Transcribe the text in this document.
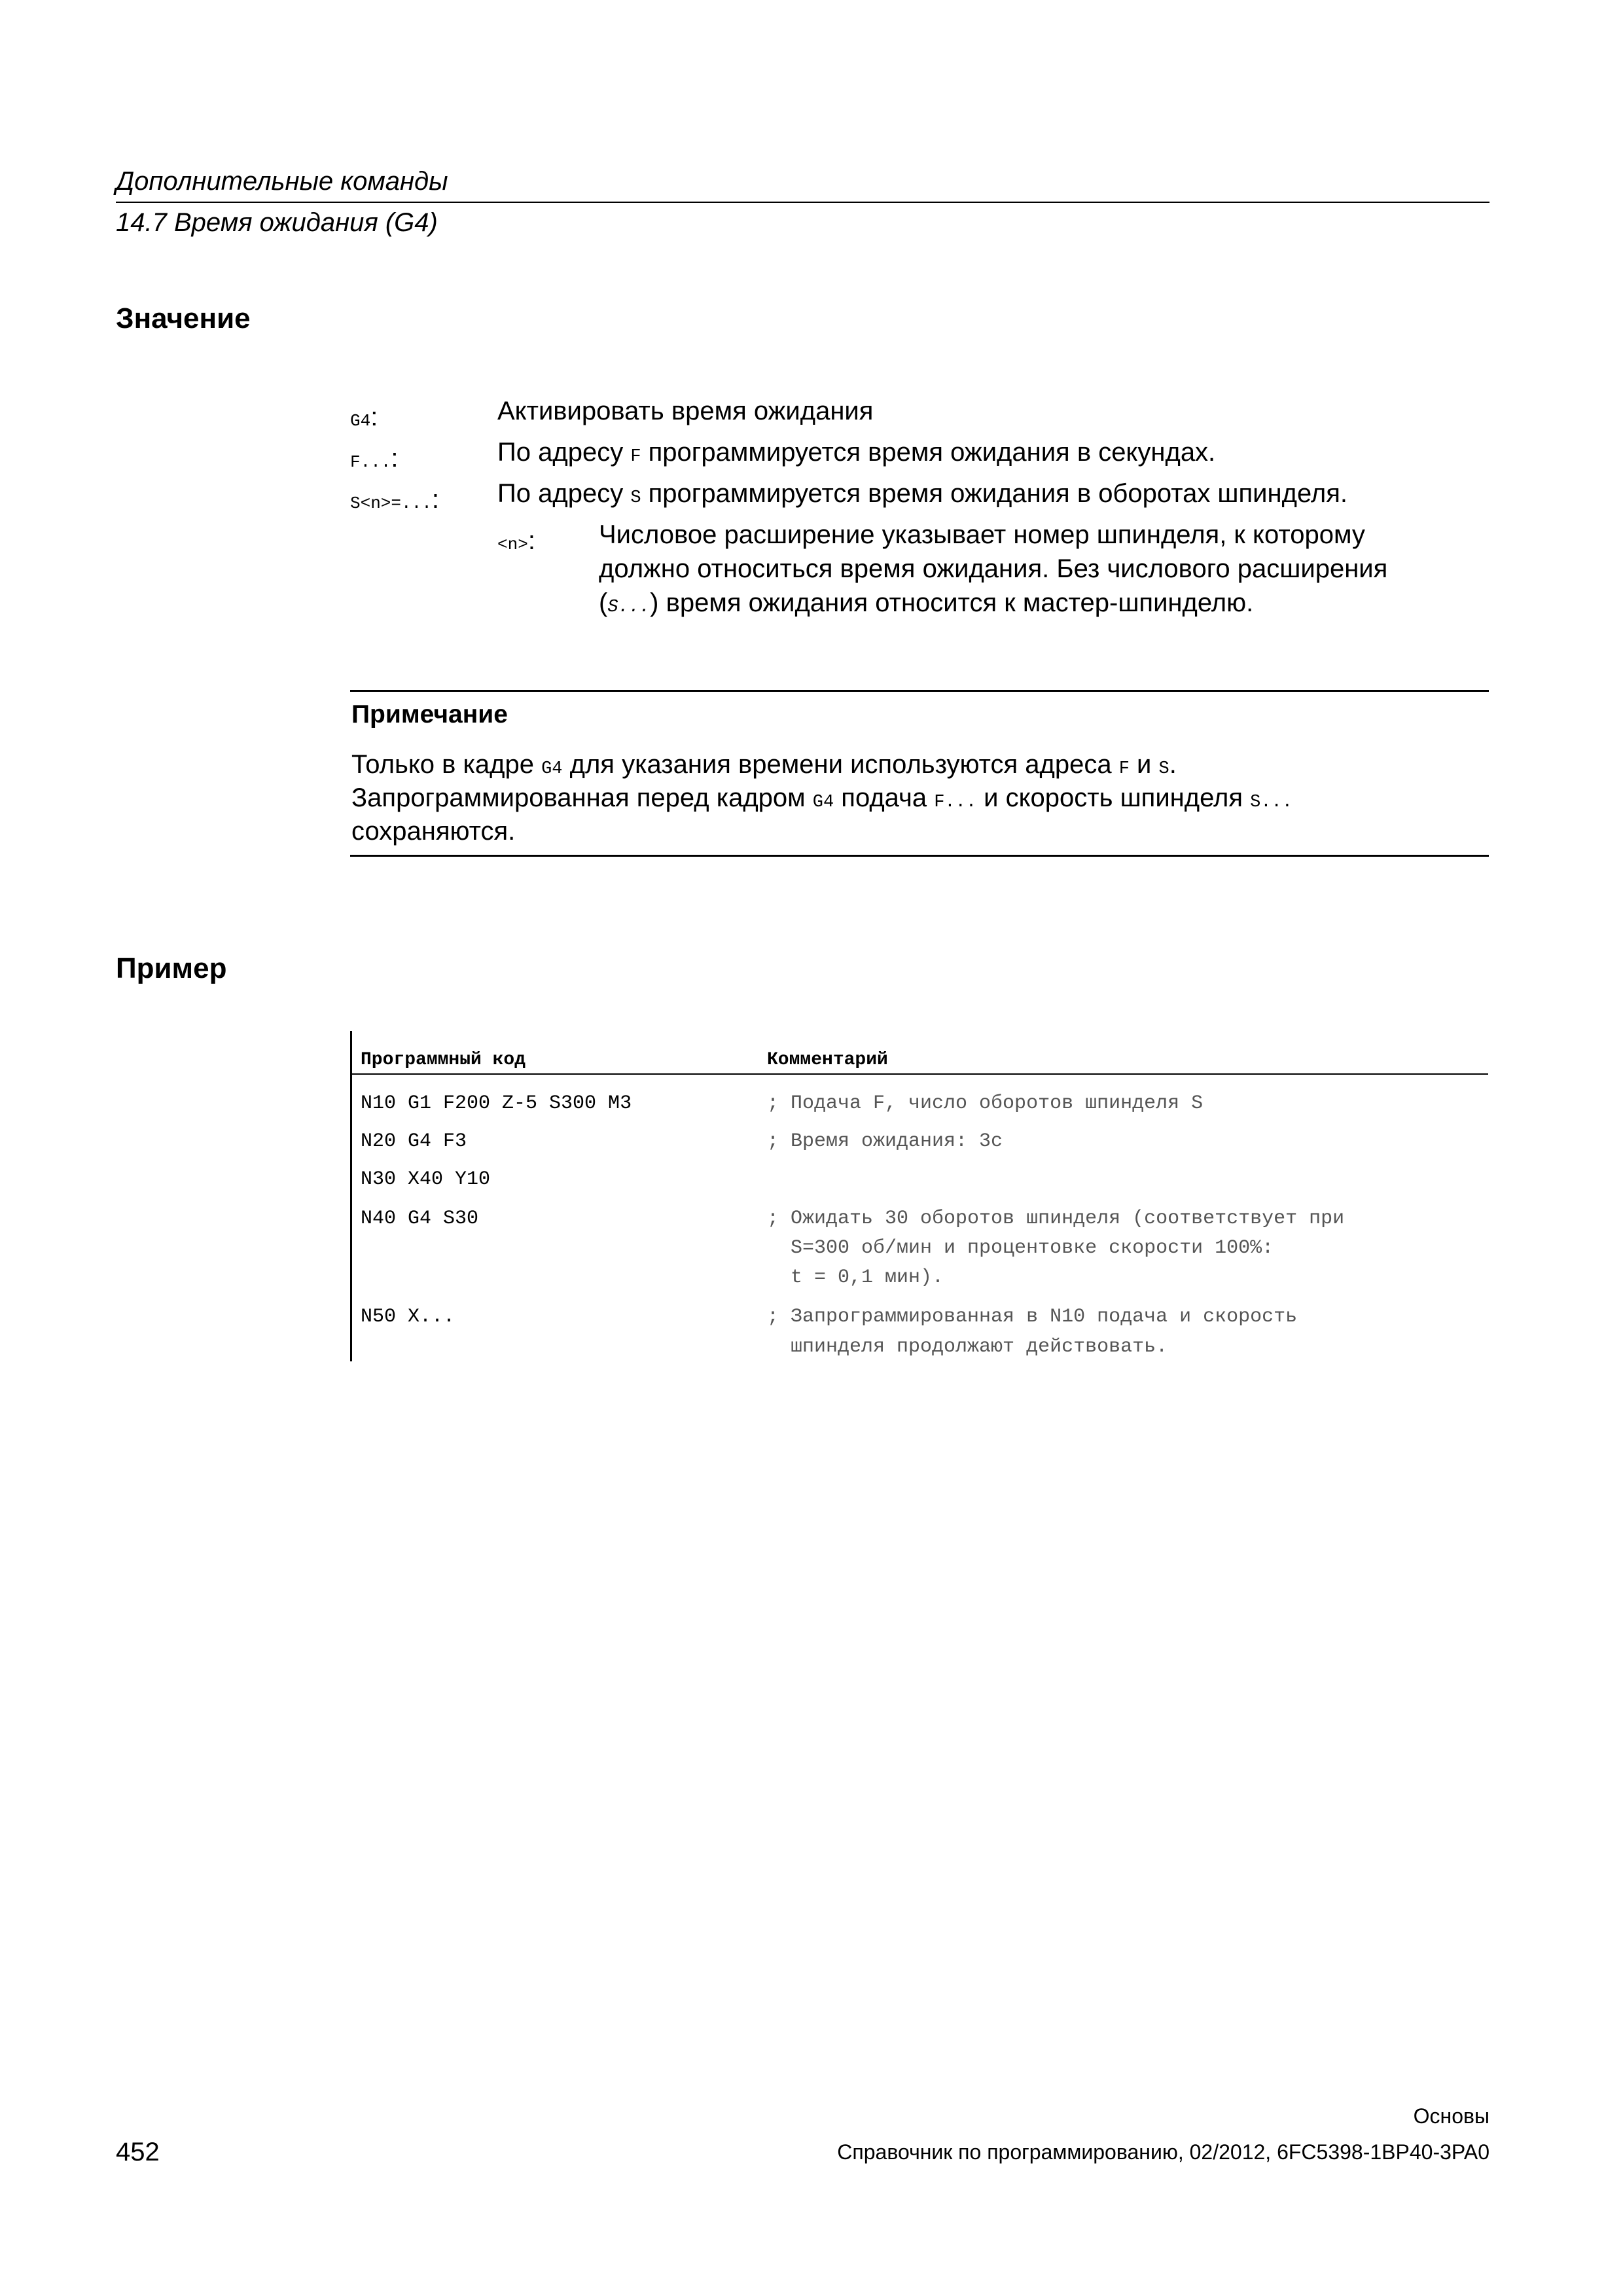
Дополнительные команды
14.7 Время ожидания (G4)
Значение
G4:	Активировать время ожидания
F...:	По адресу F программируется время ожидания в секундах.
S<n>=...: По адресу S программируется время ожидания в оборотах шпинделя.
<n>: Числовое расширение указывает номер шпинделя, к которому
должно относиться время ожидания. Без числового расширения
(S...) время ожидания относится к мастер-шпинделю.
Примечание
Только в кадре G4 для указания времени используются адреса F и S.
Запрограммированная перед кадром G4 подача F... и скорость шпинделя S...
сохраняются.
Пример
Программный код	Комментарий
N10 G1 F200 Z-5 S300 M3	; Подача F, число оборотов шпинделя S
N20 G4 F3	; Время ожидания: 3с
N30 X40 Y10
N40 G4 S30	; Ожидать 30 оборотов шпинделя (соответствует при
S=300 об/мин и процентовке скорости 100%:
t = 0,1 мин).
N50 X...	; Запрограммированная в N10 подача и скорость
шпинделя продолжают действовать.
Основы
452	Справочник по программированию, 02/2012, 6FC5398-1BP40-3PA0
